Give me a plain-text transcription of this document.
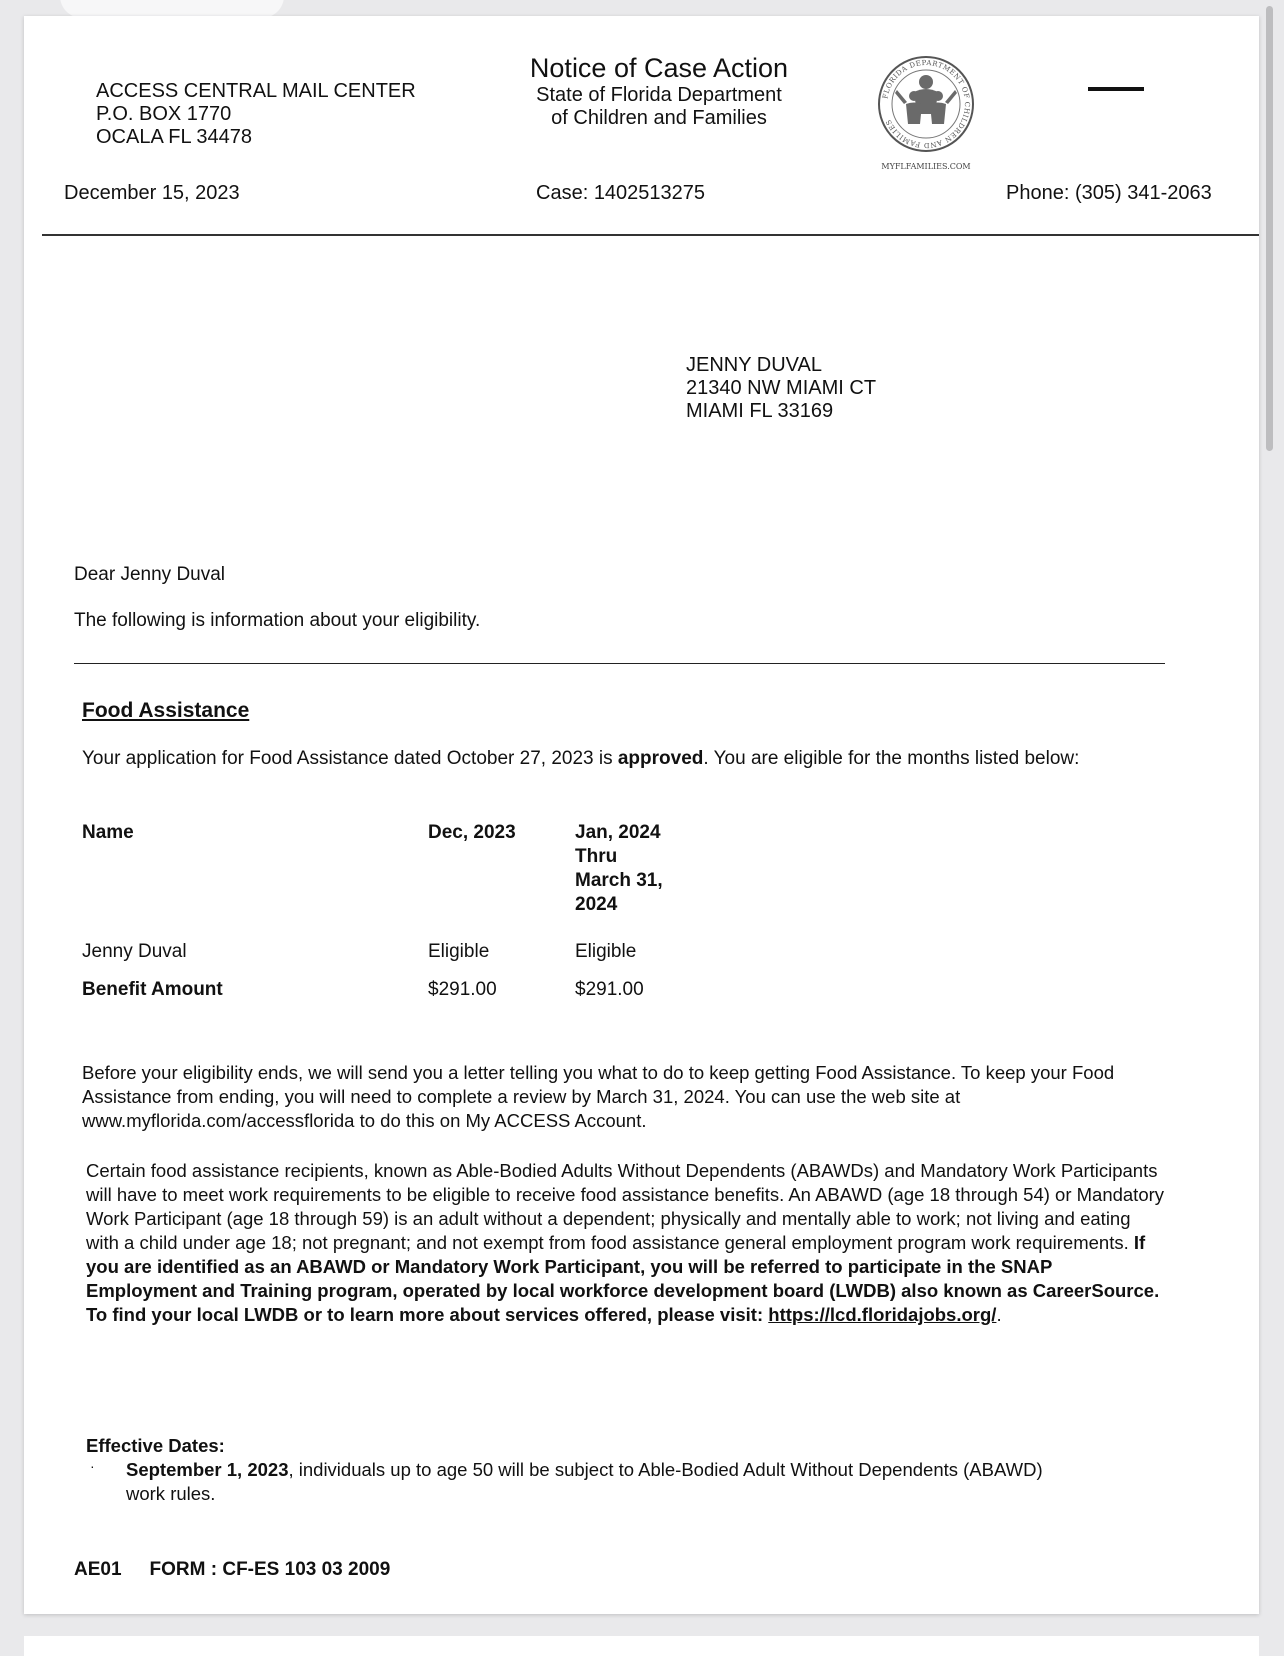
ACCESS CENTRAL MAIL CENTER
P.O. BOX 1770
OCALA FL 34478
Notice of Case Action
State of Florida Department
of Children and Families
FLORIDA DEPARTMENT OF CHILDREN AND FAMILIES
MYFLFAMILIES.COM
December 15, 2023	Case: 1402513275	Phone: (305) 341-2063
JENNY DUVAL
21340 NW MIAMI CT
MIAMI FL 33169
Dear Jenny Duval
The following is information about your eligibility.
Food Assistance
Your application for Food Assistance dated October 27, 2023 is approved. You are eligible for the months listed below:
Name	Dec, 2023	Jan, 2024
Thru
March 31,
2024
Jenny Duval	Eligible	Eligible
Benefit Amount	$291.00	$291.00
Before your eligibility ends, we will send you a letter telling you what to do to keep getting Food Assistance. To keep your Food Assistance from ending, you will need to complete a review by March 31, 2024. You can use the web site at www.myflorida.com/accessflorida to do this on My ACCESS Account.
Certain food assistance recipients, known as Able-Bodied Adults Without Dependents (ABAWDs) and Mandatory Work Participants will have to meet work requirements to be eligible to receive food assistance benefits. An ABAWD (age 18 through 54) or Mandatory Work Participant (age 18 through 59) is an adult without a dependent; physically and mentally able to work; not living and eating with a child under age 18; not pregnant; and not exempt from food assistance general employment program work requirements. If you are identified as an ABAWD or Mandatory Work Participant, you will be referred to participate in the SNAP Employment and Training program, operated by local workforce development board (LWDB) also known as CareerSource. To find your local LWDB or to learn more about services offered, please visit: https://lcd.floridajobs.org/.
Effective Dates:
· September 1, 2023, individuals up to age 50 will be subject to Able-Bodied Adult Without Dependents (ABAWD) work rules.
AE01 FORM : CF-ES 103 03 2009
